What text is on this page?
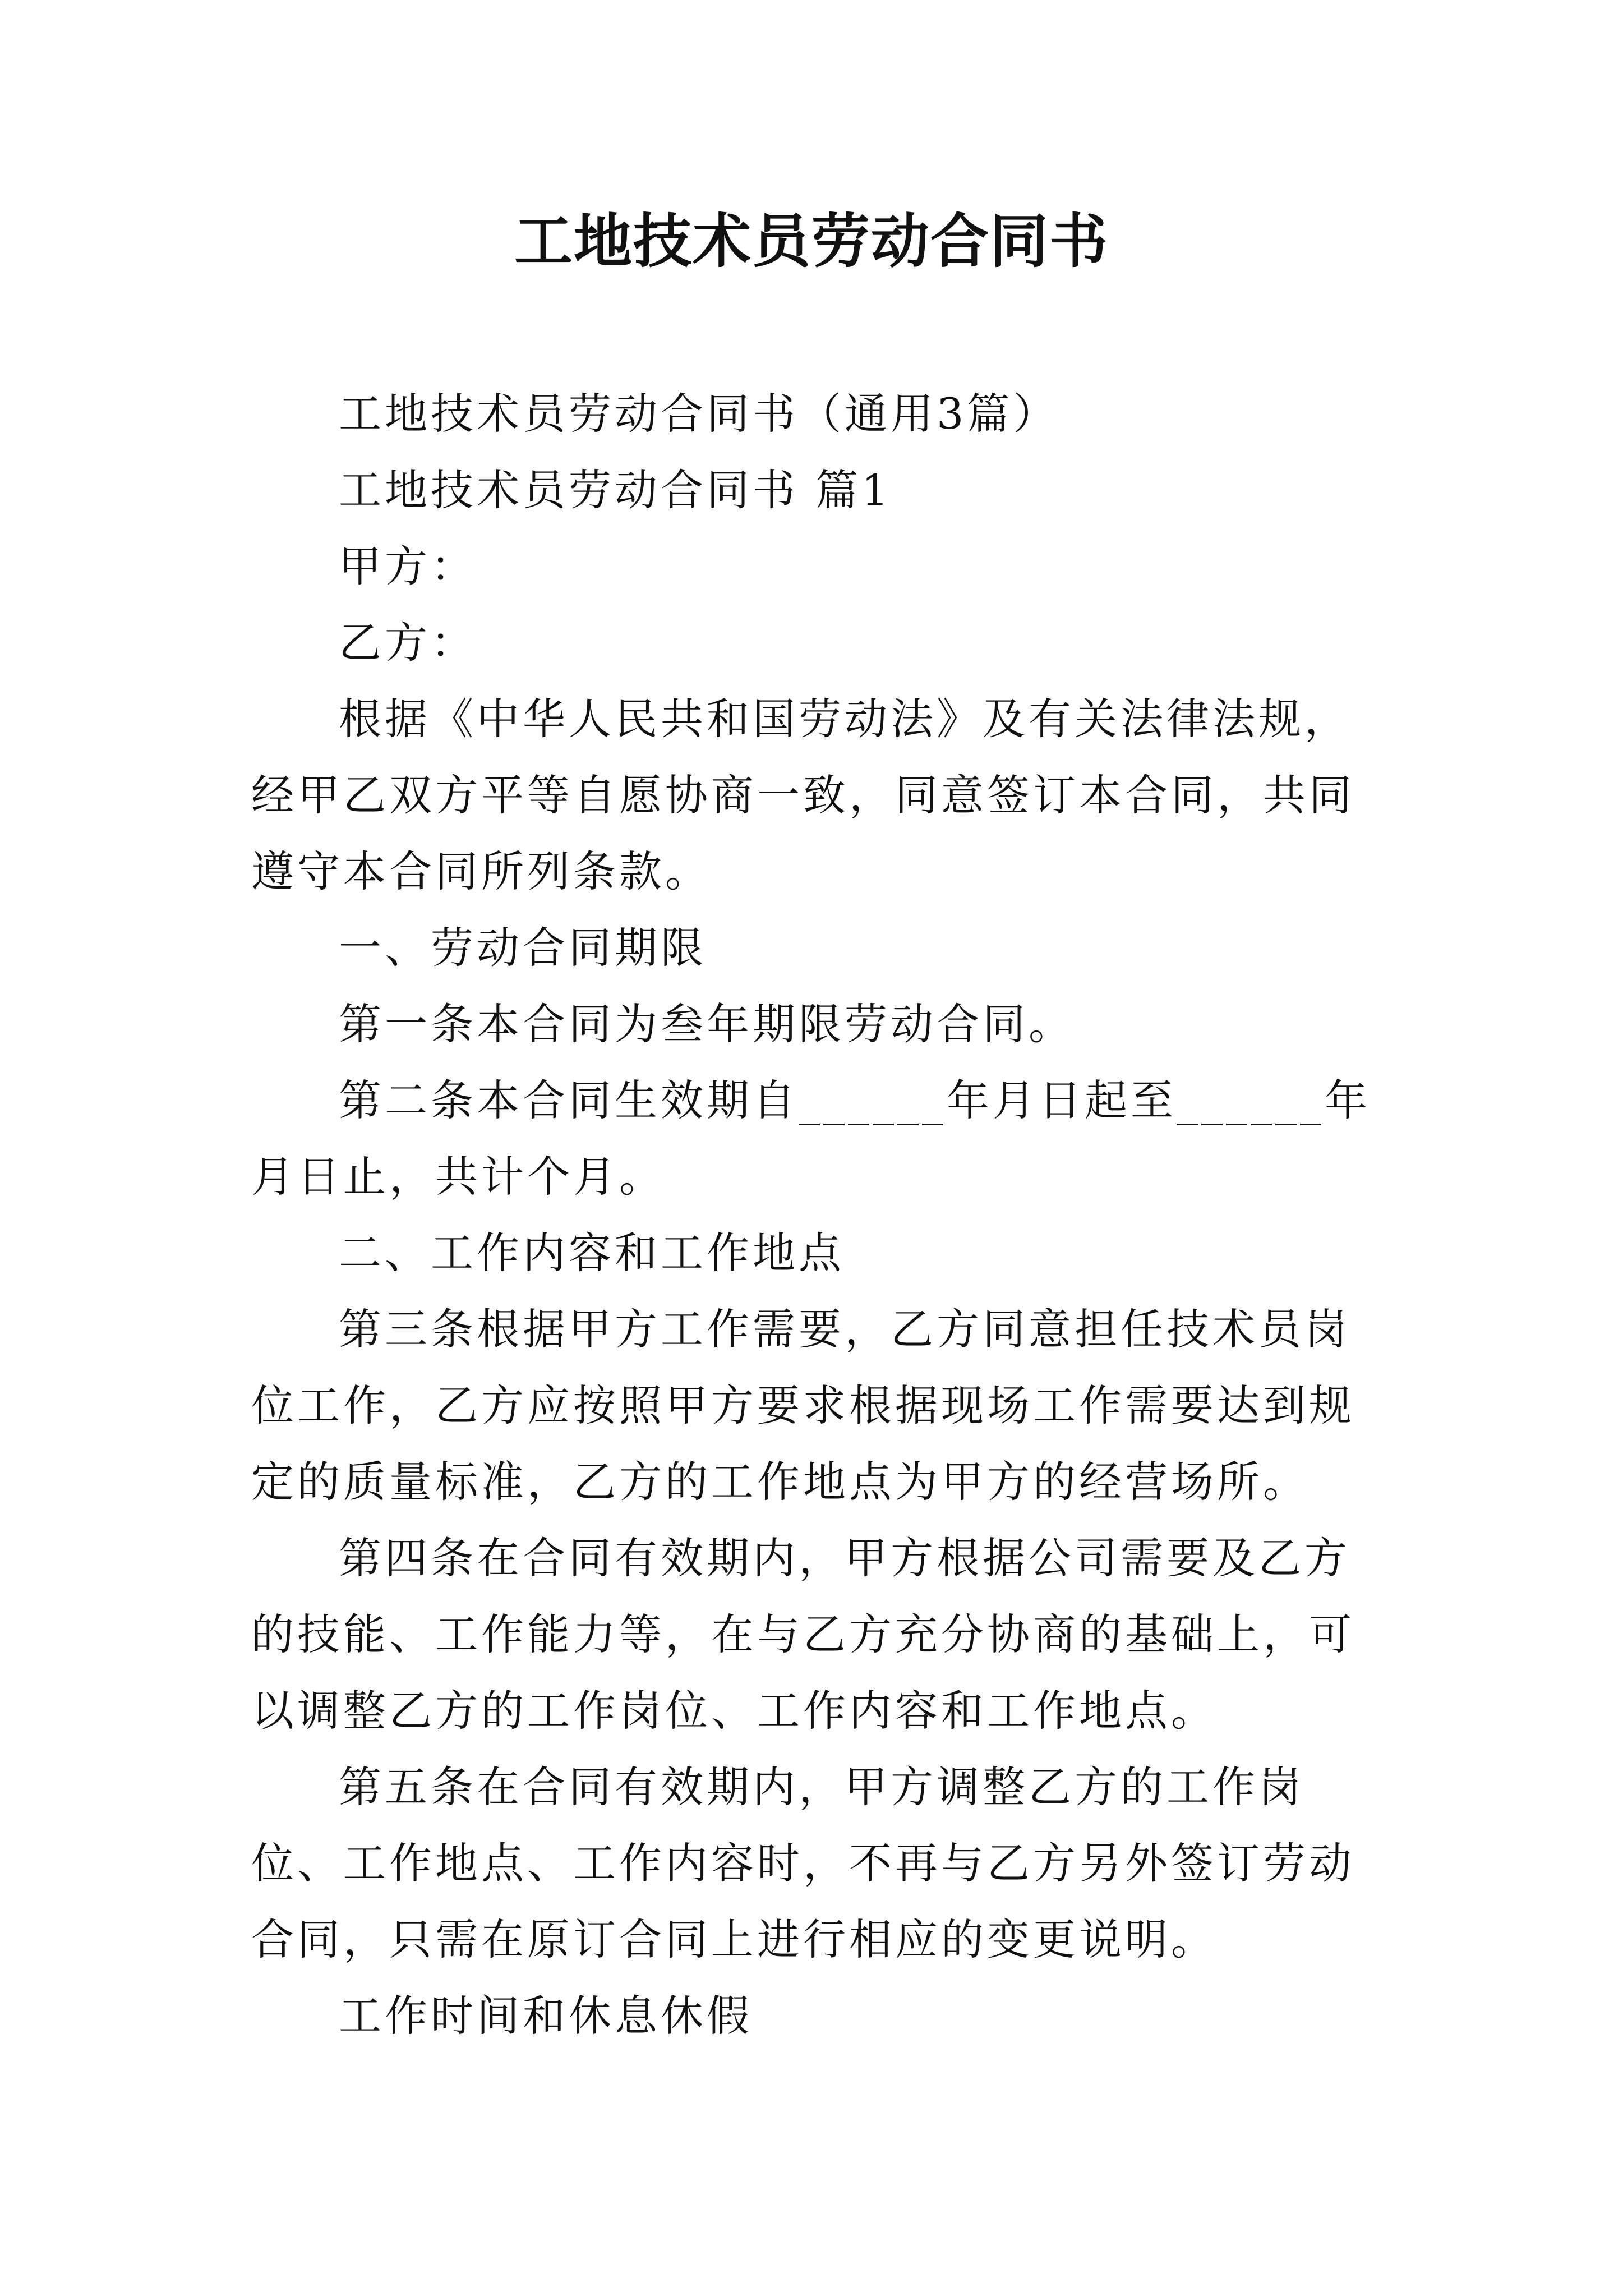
工地技术员劳动合同书

工地技术员劳动合同书（通用3篇）

工地技术员劳动合同书 篇1

甲方：

乙方：

根据《中华人民共和国劳动法》及有关法律法规，经甲乙双方平等自愿协商一致，同意签订本合同，共同遵守本合同所列条款。

一、劳动合同期限

第一条本合同为叁年期限劳动合同。

第二条本合同生效期自______年月日起至______年月日止，共计个月。

二、工作内容和工作地点

第三条根据甲方工作需要，乙方同意担任技术员岗位工作，乙方应按照甲方要求根据现场工作需要达到规定的质量标准，乙方的工作地点为甲方的经营场所。

第四条在合同有效期内，甲方根据公司需要及乙方的技能、工作能力等，在与乙方充分协商的基础上，可以调整乙方的工作岗位、工作内容和工作地点。

第五条在合同有效期内，甲方调整乙方的工作岗位、工作地点、工作内容时，不再与乙方另外签订劳动合同，只需在原订合同上进行相应的变更说明。

工作时间和休息休假
